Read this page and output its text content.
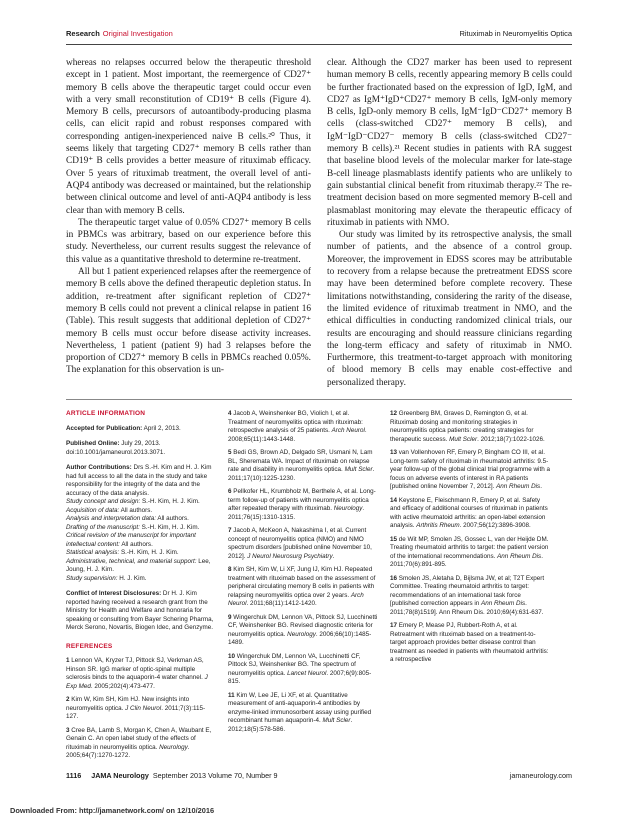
Research Original Investigation	Rituximab in Neuromyelitis Optica

whereas no relapses occurred below the therapeutic threshold except in 1 patient. Most important, the reemergence of CD27⁺ memory B cells above the therapeutic target could occur even with a very small reconstitution of CD19⁺ B cells (Figure 4). Memory B cells, precursors of autoantibody-producing plasma cells, can elicit rapid and robust responses compared with corresponding antigen-inexperienced naive B cells.²⁰ Thus, it seems likely that targeting CD27⁺ memory B cells rather than CD19⁺ B cells provides a better measure of rituximab efficacy. Over 5 years of rituximab treatment, the overall level of anti-AQP4 antibody was decreased or maintained, but the relationship between clinical outcome and level of anti-AQP4 antibody is less clear than with memory B cells.

The therapeutic target value of 0.05% CD27⁺ memory B cells in PBMCs was arbitrary, based on our experience before this study. Nevertheless, our current results suggest the relevance of this value as a quantitative threshold to determine re-treatment.

All but 1 patient experienced relapses after the reemergence of memory B cells above the defined therapeutic depletion status. In addition, re-treatment after significant repletion of CD27⁺ memory B cells could not prevent a clinical relapse in patient 16 (Table). This result suggests that additional depletion of CD27⁺ memory B cells must occur before disease activity increases. Nevertheless, 1 patient (patient 9) had 3 relapses before the proportion of CD27⁺ memory B cells in PBMCs reached 0.05%. The explanation for this observation is un-

clear. Although the CD27 marker has been used to represent human memory B cells, recently appearing memory B cells could be further fractionated based on the expression of IgD, IgM, and CD27 as IgM⁺IgD⁺CD27⁺ memory B cells, IgM-only memory B cells, IgD-only memory B cells, IgM⁻IgD⁻CD27⁺ memory B cells (class-switched CD27⁺ memory B cells), and IgM⁻IgD⁻CD27⁻ memory B cells (class-switched CD27⁻ memory B cells).²¹ Recent studies in patients with RA suggest that baseline blood levels of the molecular marker for late-stage B-cell lineage plasmablasts identify patients who are unlikely to gain substantial clinical benefit from rituximab therapy.²² The re-treatment decision based on more segmented memory B-cell and plasmablast monitoring may elevate the therapeutic efficacy of rituximab in patients with NMO.

Our study was limited by its retrospective analysis, the small number of patients, and the absence of a control group. Moreover, the improvement in EDSS scores may be attributable to recovery from a relapse because the pretreatment EDSS score may have been determined before complete recovery. These limitations notwithstanding, considering the rarity of the disease, the limited evidence of rituximab treatment in NMO, and the ethical difficulties in conducting randomized clinical trials, our results are encouraging and should reassure clinicians regarding the long-term efficacy and safety of rituximab in NMO. Furthermore, this treatment-to-target approach with monitoring of blood memory B cells may enable cost-effective and personalized therapy.

ARTICLE INFORMATION
Accepted for Publication: April 2, 2013.
Published Online: July 29, 2013. doi:10.1001/jamaneurol.2013.3071.
Author Contributions: Drs S.-H. Kim and H. J. Kim had full access to all the data in the study and take responsibility for the integrity of the data and the accuracy of the data analysis.
Study concept and design: S.-H. Kim, H. J. Kim.
Acquisition of data: All authors.
Analysis and interpretation data: All authors.
Drafting of the manuscript: S.-H. Kim, H. J. Kim.
Critical revision of the manuscript for important intellectual content: All authors.
Statistical analysis: S.-H. Kim, H. J. Kim.
Administrative, technical, and material support: Lee, Joung, H. J. Kim.
Study supervision: H. J. Kim.
Conflict of Interest Disclosures: Dr H. J. Kim reported having received a research grant from the Ministry for Health and Welfare and honoraria for speaking or consulting from Bayer Schering Pharma, Merck Serono, Novartis, Biogen Idec, and Genzyme.
REFERENCES
1 Lennon VA, Kryzer TJ, Pittock SJ, Verkman AS, Hinson SR. IgG marker of optic-spinal multiple sclerosis binds to the aquaporin-4 water channel. J Exp Med. 2005;202(4):473-477.
2 Kim W, Kim SH, Kim HJ. New insights into neuromyelitis optica. J Clin Neurol. 2011;7(3):115-127.
3 Cree BA, Lamb S, Morgan K, Chen A, Waubant E, Genain C. An open label study of the effects of rituximab in neuromyelitis optica. Neurology. 2005;64(7):1270-1272.
4 Jacob A, Weinshenker BG, Violich I, et al. Treatment of neuromyelitis optica with rituximab: retrospective analysis of 25 patients. Arch Neurol. 2008;65(11):1443-1448.
5 Bedi GS, Brown AD, Delgado SR, Usmani N, Lam BL, Sheremata WA. Impact of rituximab on relapse rate and disability in neuromyelitis optica. Mult Scler. 2011;17(10):1225-1230.
6 Pellkofer HL, Krumbholz M, Berthele A, et al. Long-term follow-up of patients with neuromyelitis optica after repeated therapy with rituximab. Neurology. 2011;76(15):1310-1315.
7 Jacob A, McKeon A, Nakashima I, et al. Current concept of neuromyelitis optica (NMO) and NMO spectrum disorders [published online November 10, 2012]. J Neurol Neurosurg Psychiatry.
8 Kim SH, Kim W, Li XF, Jung IJ, Kim HJ. Repeated treatment with rituximab based on the assessment of peripheral circulating memory B cells in patients with relapsing neuromyelitis optica over 2 years. Arch Neurol. 2011;68(11):1412-1420.
9 Wingerchuk DM, Lennon VA, Pittock SJ, Lucchinetti CF, Weinshenker BG. Revised diagnostic criteria for neuromyelitis optica. Neurology. 2006;66(10):1485-1489.
10 Wingerchuk DM, Lennon VA, Lucchinetti CF, Pittock SJ, Weinshenker BG. The spectrum of neuromyelitis optica. Lancet Neurol. 2007;6(9):805-815.
11 Kim W, Lee JE, Li XF, et al. Quantitative measurement of anti-aquaporin-4 antibodies by enzyme-linked immunosorbent assay using purified recombinant human aquaporin-4. Mult Scler. 2012;18(5):578-586.
12 Greenberg BM, Graves D, Remington G, et al. Rituximab dosing and monitoring strategies in neuromyelitis optica patients: creating strategies for therapeutic success. Mult Scler. 2012;18(7):1022-1026.
13 van Vollenhoven RF, Emery P, Bingham CO III, et al. Long-term safety of rituximab in rheumatoid arthritis: 9.5-year follow-up of the global clinical trial programme with a focus on adverse events of interest in RA patients [published online November 7, 2012]. Ann Rheum Dis.
14 Keystone E, Fleischmann R, Emery P, et al. Safety and efficacy of additional courses of rituximab in patients with active rheumatoid arthritis: an open-label extension analysis. Arthritis Rheum. 2007;56(12):3896-3908.
15 de Wit MP, Smolen JS, Gossec L, van der Heijde DM. Treating rheumatoid arthritis to target: the patient version of the international recommendations. Ann Rheum Dis. 2011;70(6):891-895.
16 Smolen JS, Aletaha D, Bijlsma JW, et al; T2T Expert Committee. Treating rheumatoid arthritis to target: recommendations of an international task force [published correction appears in Ann Rheum Dis. 2011;78(8)1519]. Ann Rheum Dis. 2010;69(4):631-637.
17 Emery P, Mease PJ, Rubbert-Roth A, et al. Retreatment with rituximab based on a treatment-to-target approach provides better disease control than treatment as needed in patients with rheumatoid arthritis: a retrospective
1116 JAMA Neurology September 2013 Volume 70, Number 9	jamaneurology.com
Downloaded From: http://jamanetwork.com/ on 12/10/2016
